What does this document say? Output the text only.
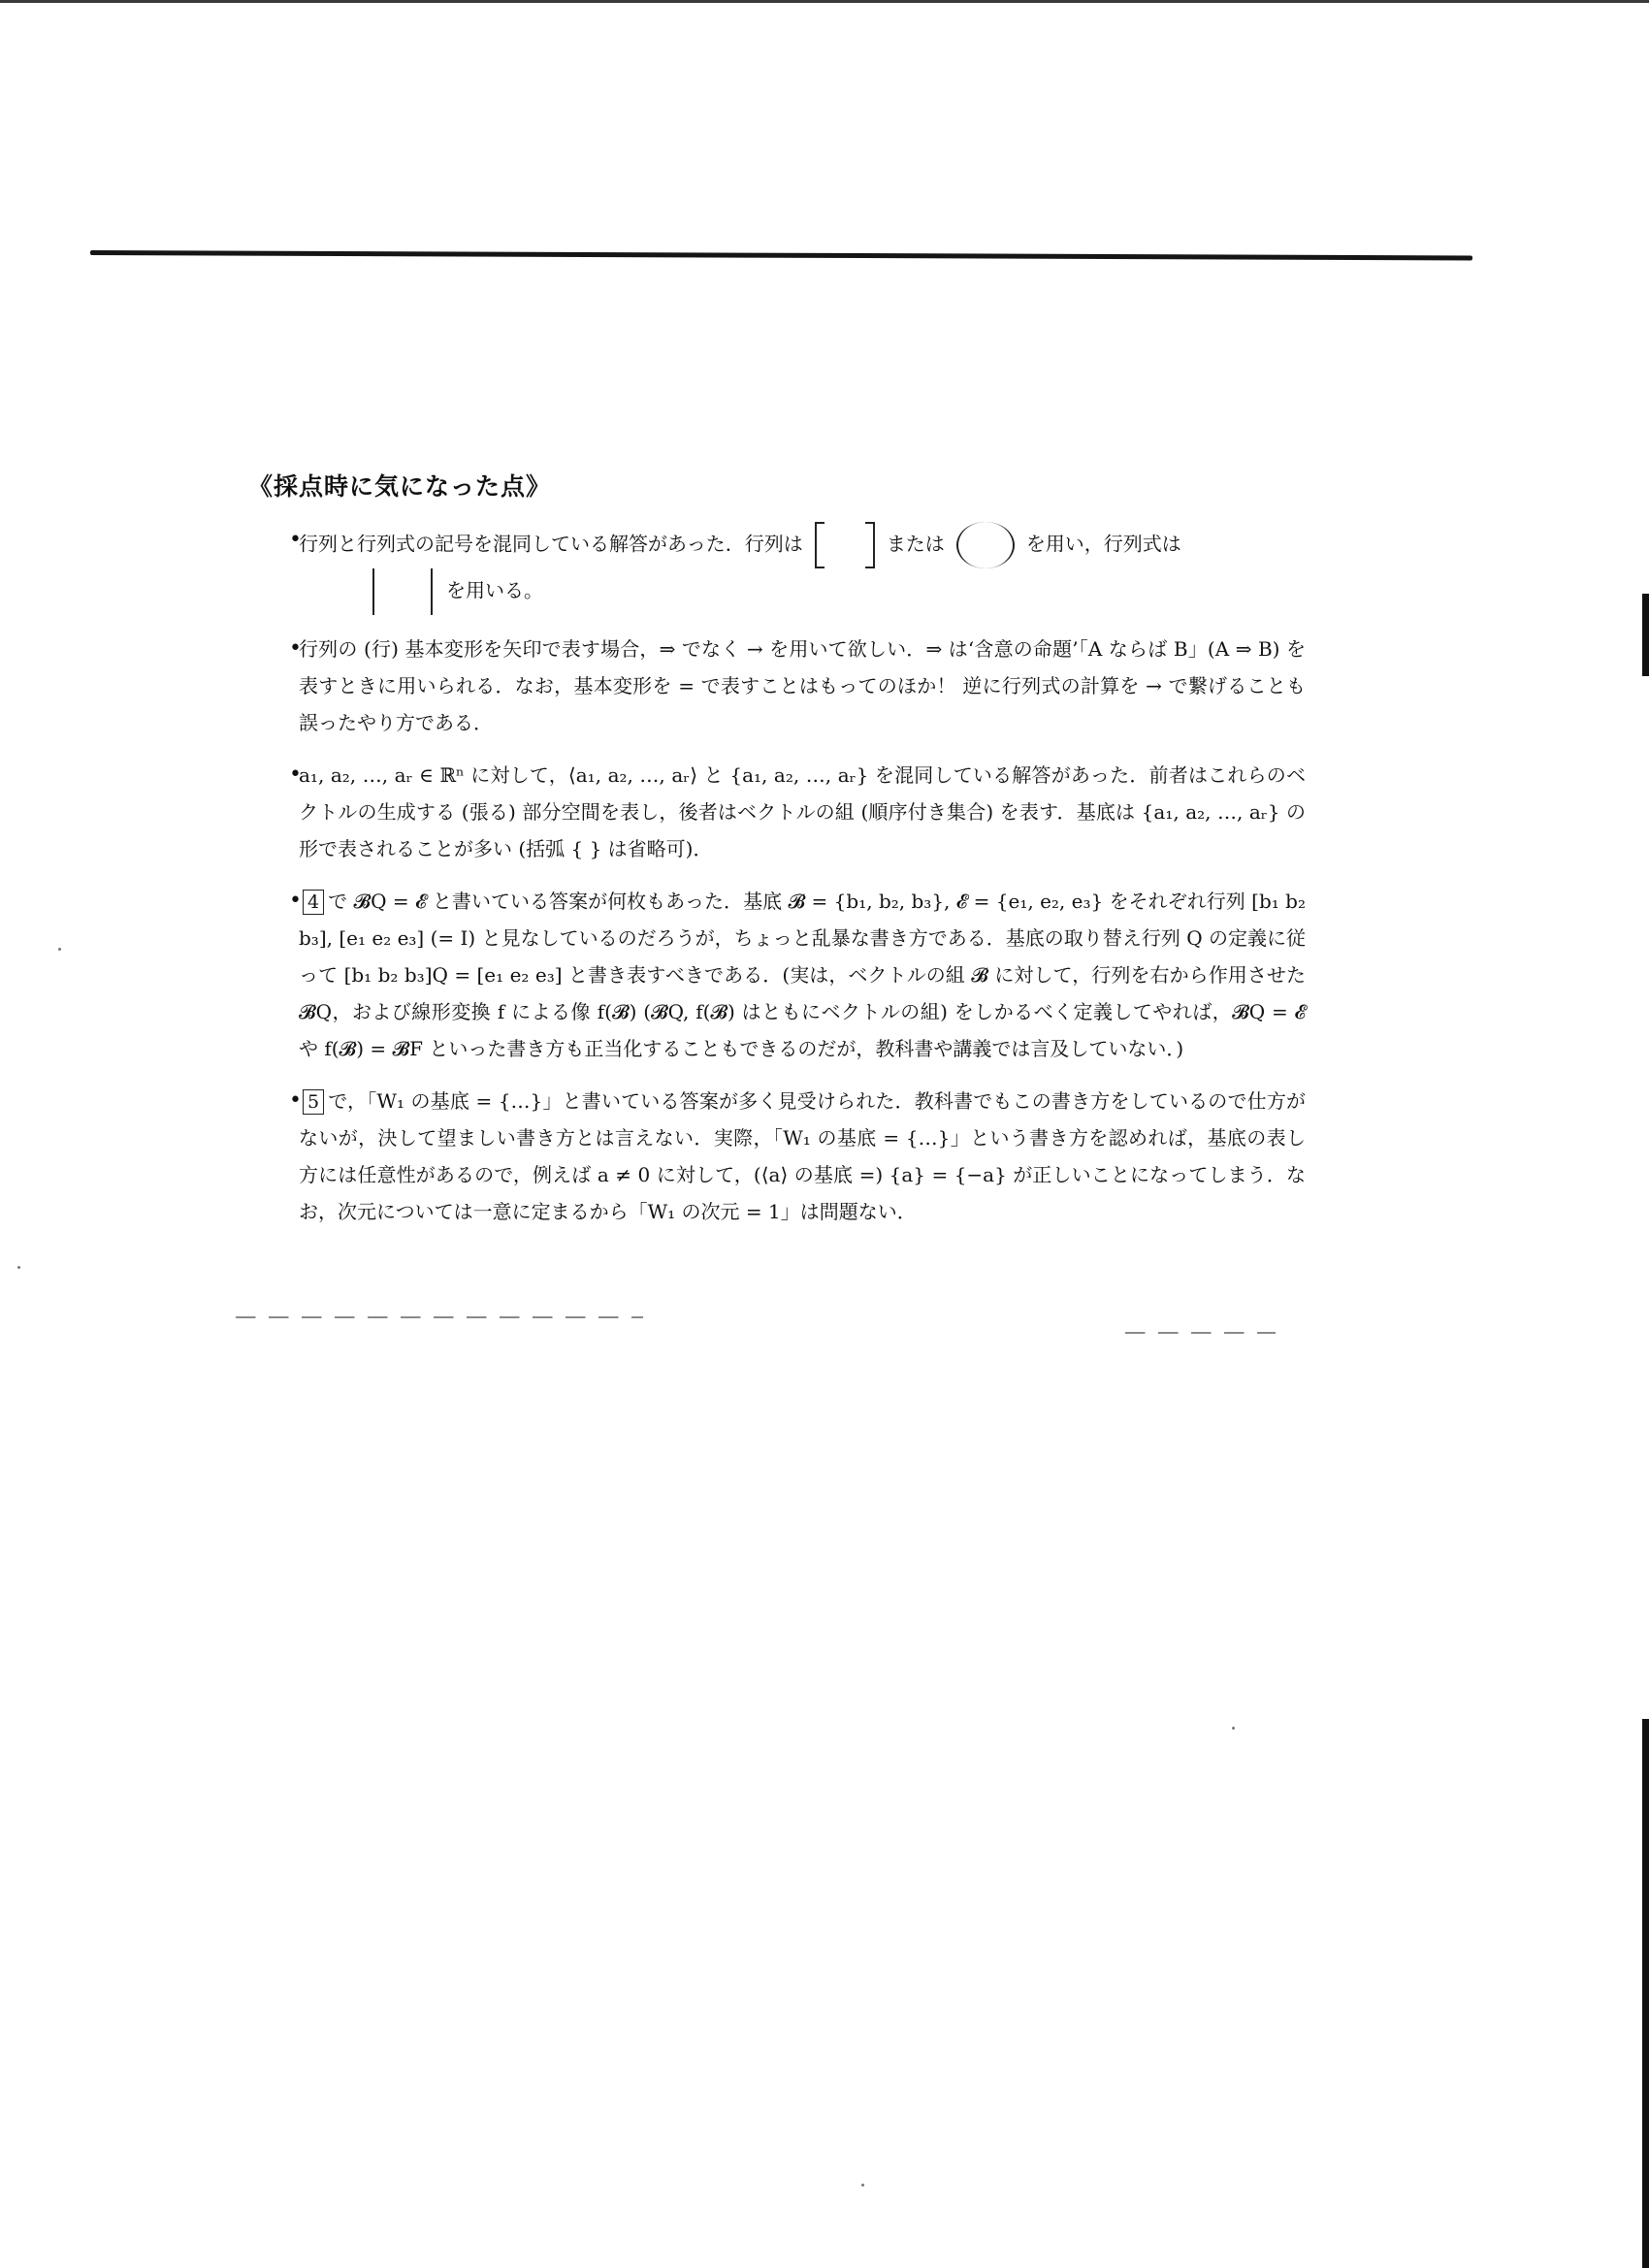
《採点時に気になった点》
• 行列と行列式の記号を混同している解答があった．行列は	または	を用い，行列式は
を用いる。
• 行列の (行) 基本変形を矢印で表す場合，⇒ でなく → を用いて欲しい．⇒ は‘含意の命題’「A ならば B」(A ⇒ B) を表すときに用いられる．なお，基本変形を = で表すことはもってのほか！ 逆に行列式の計算を → で繋げることも誤ったやり方である．
• a₁, a₂, …, aᵣ ∈ ℝⁿ に対して，⟨a₁, a₂, …, aᵣ⟩ と {a₁, a₂, …, aᵣ} を混同している解答があった．前者はこれらのベクトルの生成する (張る) 部分空間を表し，後者はベクトルの組 (順序付き集合) を表す．基底は {a₁, a₂, …, aᵣ} の形で表されることが多い (括弧 { } は省略可)．
• 4 で 𝓑Q = 𝓔 と書いている答案が何枚もあった．基底 𝓑 = {b₁, b₂, b₃}, 𝓔 = {e₁, e₂, e₃} をそれぞれ行列 [b₁ b₂ b₃], [e₁ e₂ e₃] (= I) と見なしているのだろうが，ちょっと乱暴な書き方である．基底の取り替え行列 Q の定義に従って [b₁ b₂ b₃]Q = [e₁ e₂ e₃] と書き表すべきである．(実は，ベクトルの組 𝓑 に対して，行列を右から作用させた 𝓑Q，および線形変換 f による像 f(𝓑) (𝓑Q, f(𝓑) はともにベクトルの組) をしかるべく定義してやれば，𝓑Q = 𝓔 や f(𝓑) = 𝓑F といった書き方も正当化することもできるのだが，教科書や講義では言及していない．)
• 5 で，「W₁ の基底 = {…}」と書いている答案が多く見受けられた．教科書でもこの書き方をしているので仕方がないが，決して望ましい書き方とは言えない．実際，「W₁ の基底 = {…}」という書き方を認めれば，基底の表し方には任意性があるので，例えば a ≠ 0 に対して，(⟨a⟩ の基底 =) {a} = {−a} が正しいことになってしまう．なお，次元については一意に定まるから「W₁ の次元 = 1」は問題ない．
